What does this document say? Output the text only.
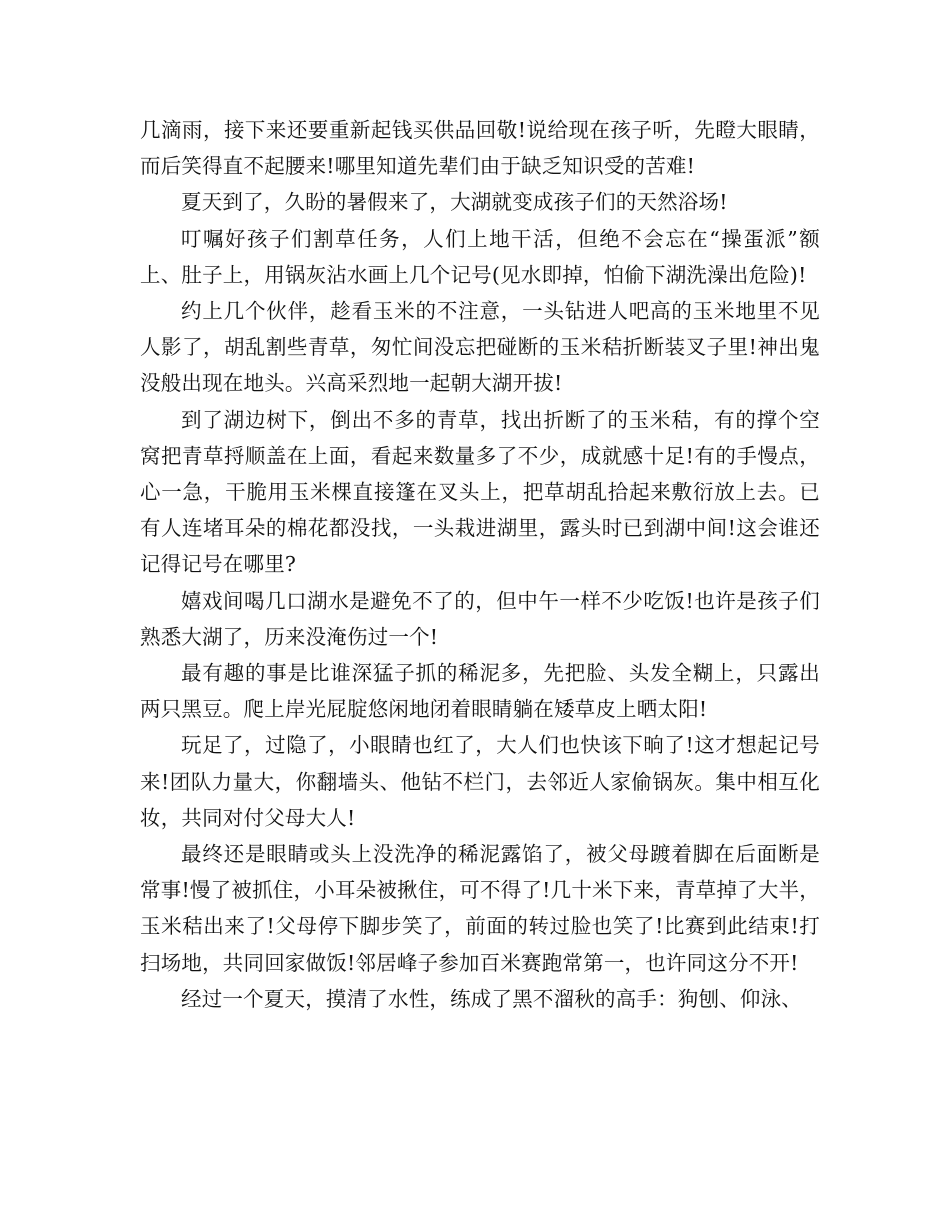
几滴雨，接下来还要重新起钱买供品回敬!说给现在孩子听，先瞪大眼睛，而后笑得直不起腰来!哪里知道先辈们由于缺乏知识受的苦难!

夏天到了，久盼的暑假来了，大湖就变成孩子们的天然浴场!

叮嘱好孩子们割草任务，人们上地干活，但绝不会忘在“操蛋派”额上、肚子上，用锅灰沾水画上几个记号(见水即掉，怕偷下湖洗澡出危险)!

约上几个伙伴，趁看玉米的不注意，一头钻进人吧高的玉米地里不见人影了，胡乱割些青草，匆忙间没忘把碰断的玉米秸折断装叉子里!神出鬼没般出现在地头。兴高采烈地一起朝大湖开拔!

到了湖边树下，倒出不多的青草，找出折断了的玉米秸，有的撑个空窝把青草捋顺盖在上面，看起来数量多了不少，成就感十足!有的手慢点，心一急，干脆用玉米棵直接篷在叉头上，把草胡乱拾起来敷衍放上去。已有人连堵耳朵的棉花都没找，一头栽进湖里，露头时已到湖中间!这会谁还记得记号在哪里?

嬉戏间喝几口湖水是避免不了的，但中午一样不少吃饭!也许是孩子们熟悉大湖了，历来没淹伤过一个!

最有趣的事是比谁深猛子抓的稀泥多，先把脸、头发全糊上，只露出两只黑豆。爬上岸光屁腚悠闲地闭着眼睛躺在矮草皮上晒太阳!

玩足了，过隐了，小眼睛也红了，大人们也快该下晌了!这才想起记号来!团队力量大，你翻墙头、他钻不栏门，去邻近人家偷锅灰。集中相互化妆，共同对付父母大人!

最终还是眼睛或头上没洗净的稀泥露馅了，被父母踱着脚在后面断是常事!慢了被抓住，小耳朵被揪住，可不得了!几十米下来，青草掉了大半，玉米秸出来了!父母停下脚步笑了，前面的转过脸也笑了!比赛到此结束!打扫场地，共同回家做饭!邻居峰子参加百米赛跑常第一，也许同这分不开!

经过一个夏天，摸清了水性，练成了黑不溜秋的高手：狗刨、仰泳、
